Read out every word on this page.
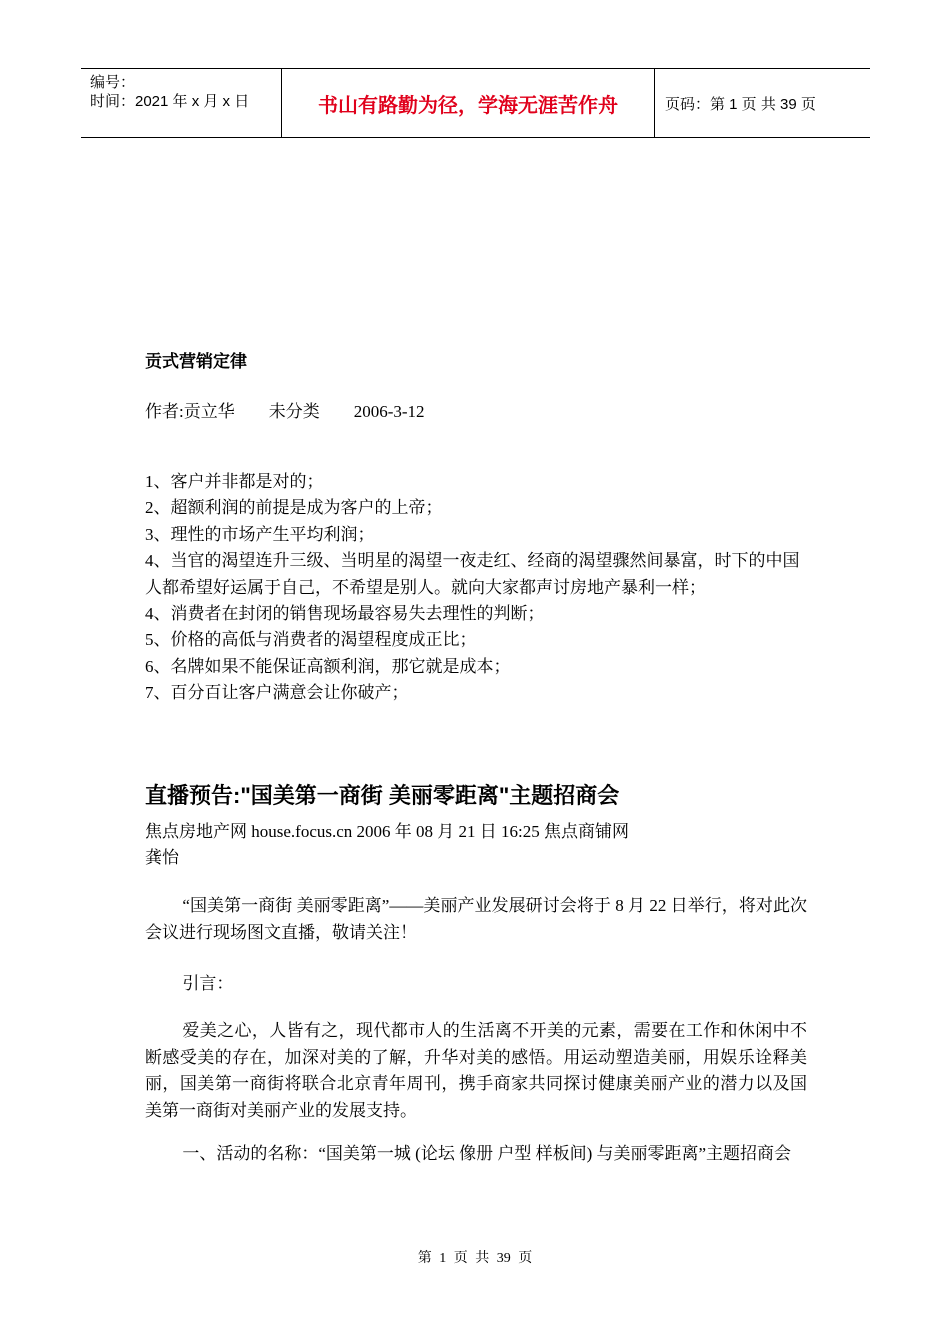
编号：
时间：2021 年 x 月 x 日	书山有路勤为径，学海无涯苦作舟	页码：第 1 页 共 39 页
贡式营销定律
作者:贡立华        未分类        2006-3-12
1、客户并非都是对的；
2、超额利润的前提是成为客户的上帝；
3、理性的市场产生平均利润；
4、当官的渴望连升三级、当明星的渴望一夜走红、经商的渴望骤然间暴富，时下的中国人都希望好运属于自己，不希望是别人。就向大家都声讨房地产暴利一样；
4、消费者在封闭的销售现场最容易失去理性的判断；
5、价格的高低与消费者的渴望程度成正比；
6、名牌如果不能保证高额利润，那它就是成本；
7、百分百让客户满意会让你破产；
直播预告:"国美第一商街 美丽零距离"主题招商会
焦点房地产网 house.focus.cn 2006 年 08 月 21 日 16:25 焦点商铺网
龚怡
“国美第一商街 美丽零距离”——美丽产业发展研讨会将于 8 月 22 日举行，将对此次会议进行现场图文直播，敬请关注！
引言：
爱美之心，人皆有之，现代都市人的生活离不开美的元素，需要在工作和休闲中不断感受美的存在，加深对美的了解，升华对美的感悟。用运动塑造美丽，用娱乐诠释美丽，国美第一商街将联合北京青年周刊，携手商家共同探讨健康美丽产业的潜力以及国美第一商街对美丽产业的发展支持。
一、活动的名称：“国美第一城 (论坛 像册 户型 样板间) 与美丽零距离”主题招商会
第 1 页 共 39 页
